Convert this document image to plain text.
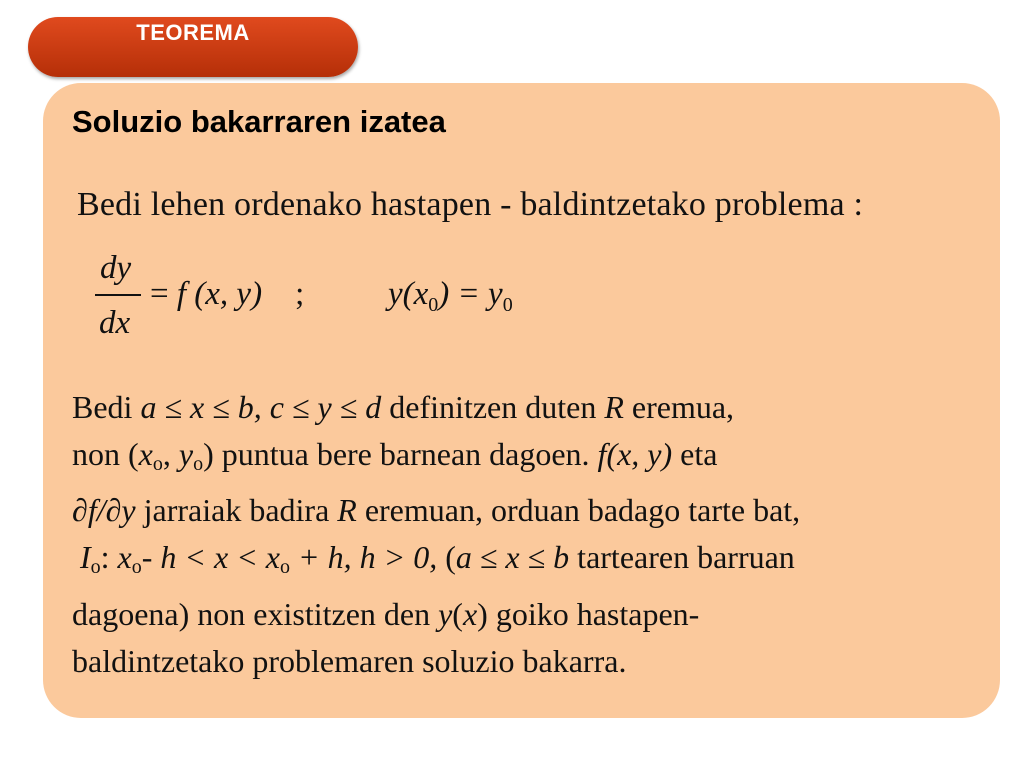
TEOREMA
Soluzio bakarraren izatea
Bedi lehen ordenako hastapen - baldintzetako problema :
dy
dx
= f (x, y) ;	$y(x_0) = y_0$
Bedi a ≤ x ≤ b, c ≤ y ≤ d definitzen duten R eremua,
non ($x_o$, $y_o$) puntua bere barnean dagoen. f(x, y) eta
∂f/∂y jarraiak badira R eremuan, orduan badago tarte bat,
$I_o$: $x_o-$ $h < x < x_o + h$, h > 0, (a ≤ x ≤ b tartearen barruan
dagoena) non existitzen den y(x) goiko hastapen-
baldintzetako problemaren soluzio bakarra.
